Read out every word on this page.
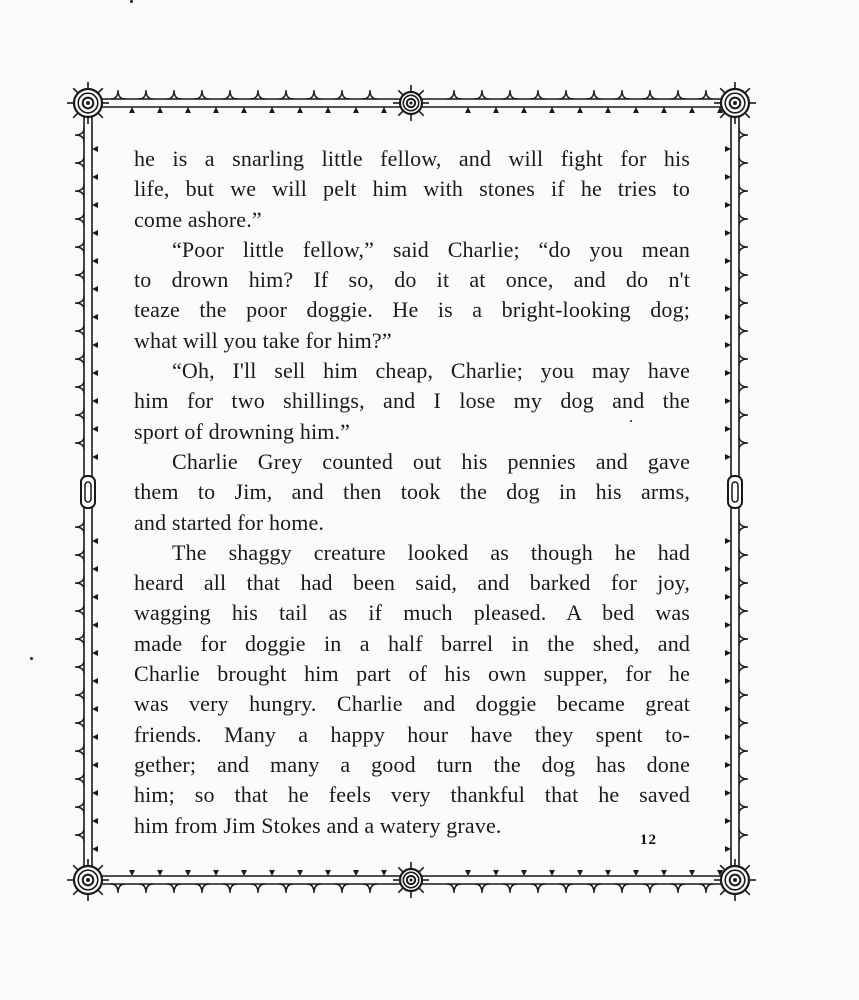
he is a snarling little fellow, and will fight for his
life, but we will pelt him with stones if he tries to
come ashore.”
“Poor little fellow,” said Charlie; “do you mean
to drown him? If so, do it at once, and do n't
teaze the poor doggie. He is a bright-looking dog;
what will you take for him?”
“Oh, I'll sell him cheap, Charlie; you may have
him for two shillings, and I lose my dog and the
sport of drowning him.”
Charlie Grey counted out his pennies and gave
them to Jim, and then took the dog in his arms,
and started for home.
The shaggy creature looked as though he had
heard all that had been said, and barked for joy,
wagging his tail as if much pleased. A bed was
made for doggie in a half barrel in the shed, and
Charlie brought him part of his own supper, for he
was very hungry. Charlie and doggie became great
friends. Many a happy hour have they spent to-
gether; and many a good turn the dog has done
him; so that he feels very thankful that he saved
him from Jim Stokes and a watery grave.
12
